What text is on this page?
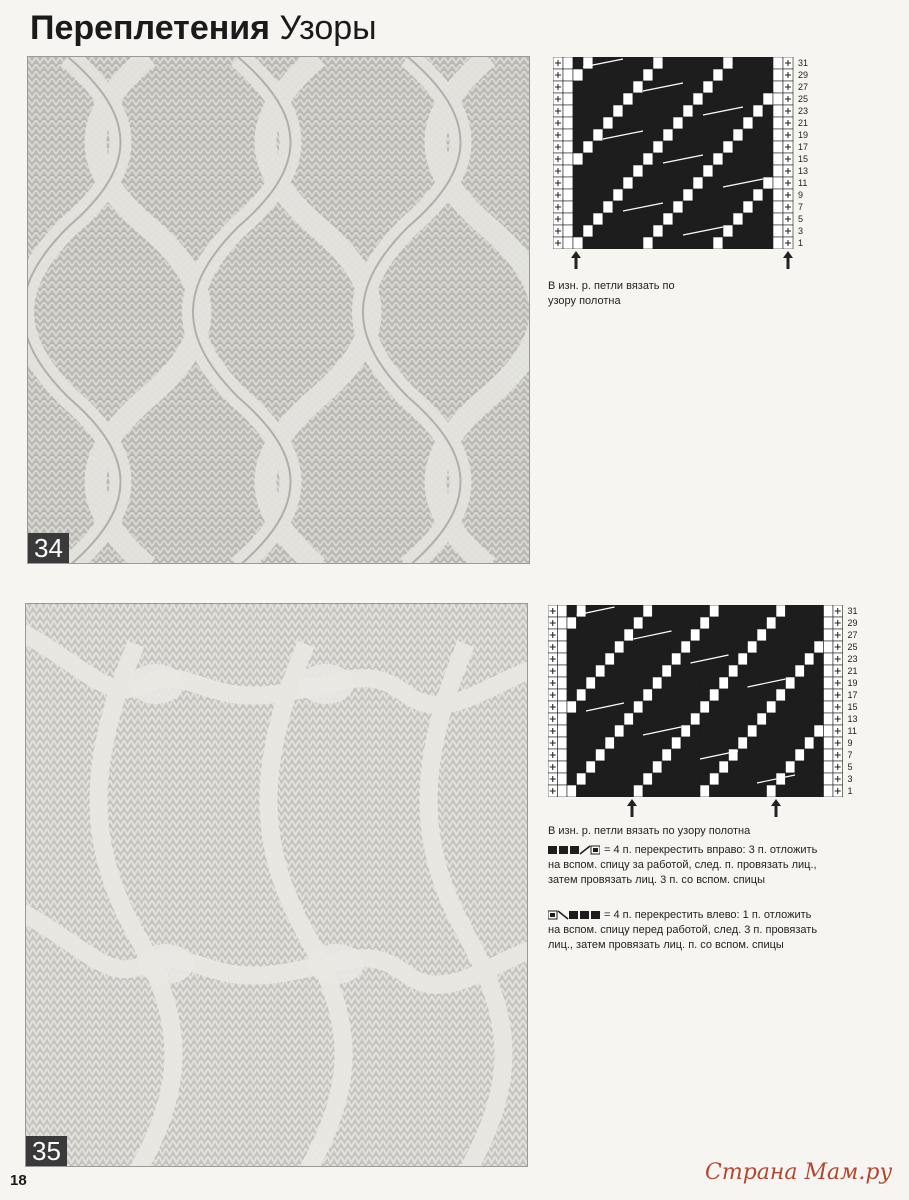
Переплетения Узоры
34
31
29
27
25
23
21
19
17
15
13
11
9
7
5
3
1
В изн. р. петли вязать по узору полотна
35
31
29
27
25
23
21
19
17
15
13
11
9
7
5
3
1
В изн. р. петли вязать по узору полотна
= 4 п. перекрестить вправо: 3 п. отложить на вспом. спицу за работой, след. п. провязать лиц., затем провязать лиц. 3 п. со вспом. спицы
= 4 п. перекрестить влево: 1 п. отложить на вспом. спицу перед работой, след. 3 п. провязать лиц., затем провязать лиц. п. со вспом. спицы
18	Страна Мам.ру
